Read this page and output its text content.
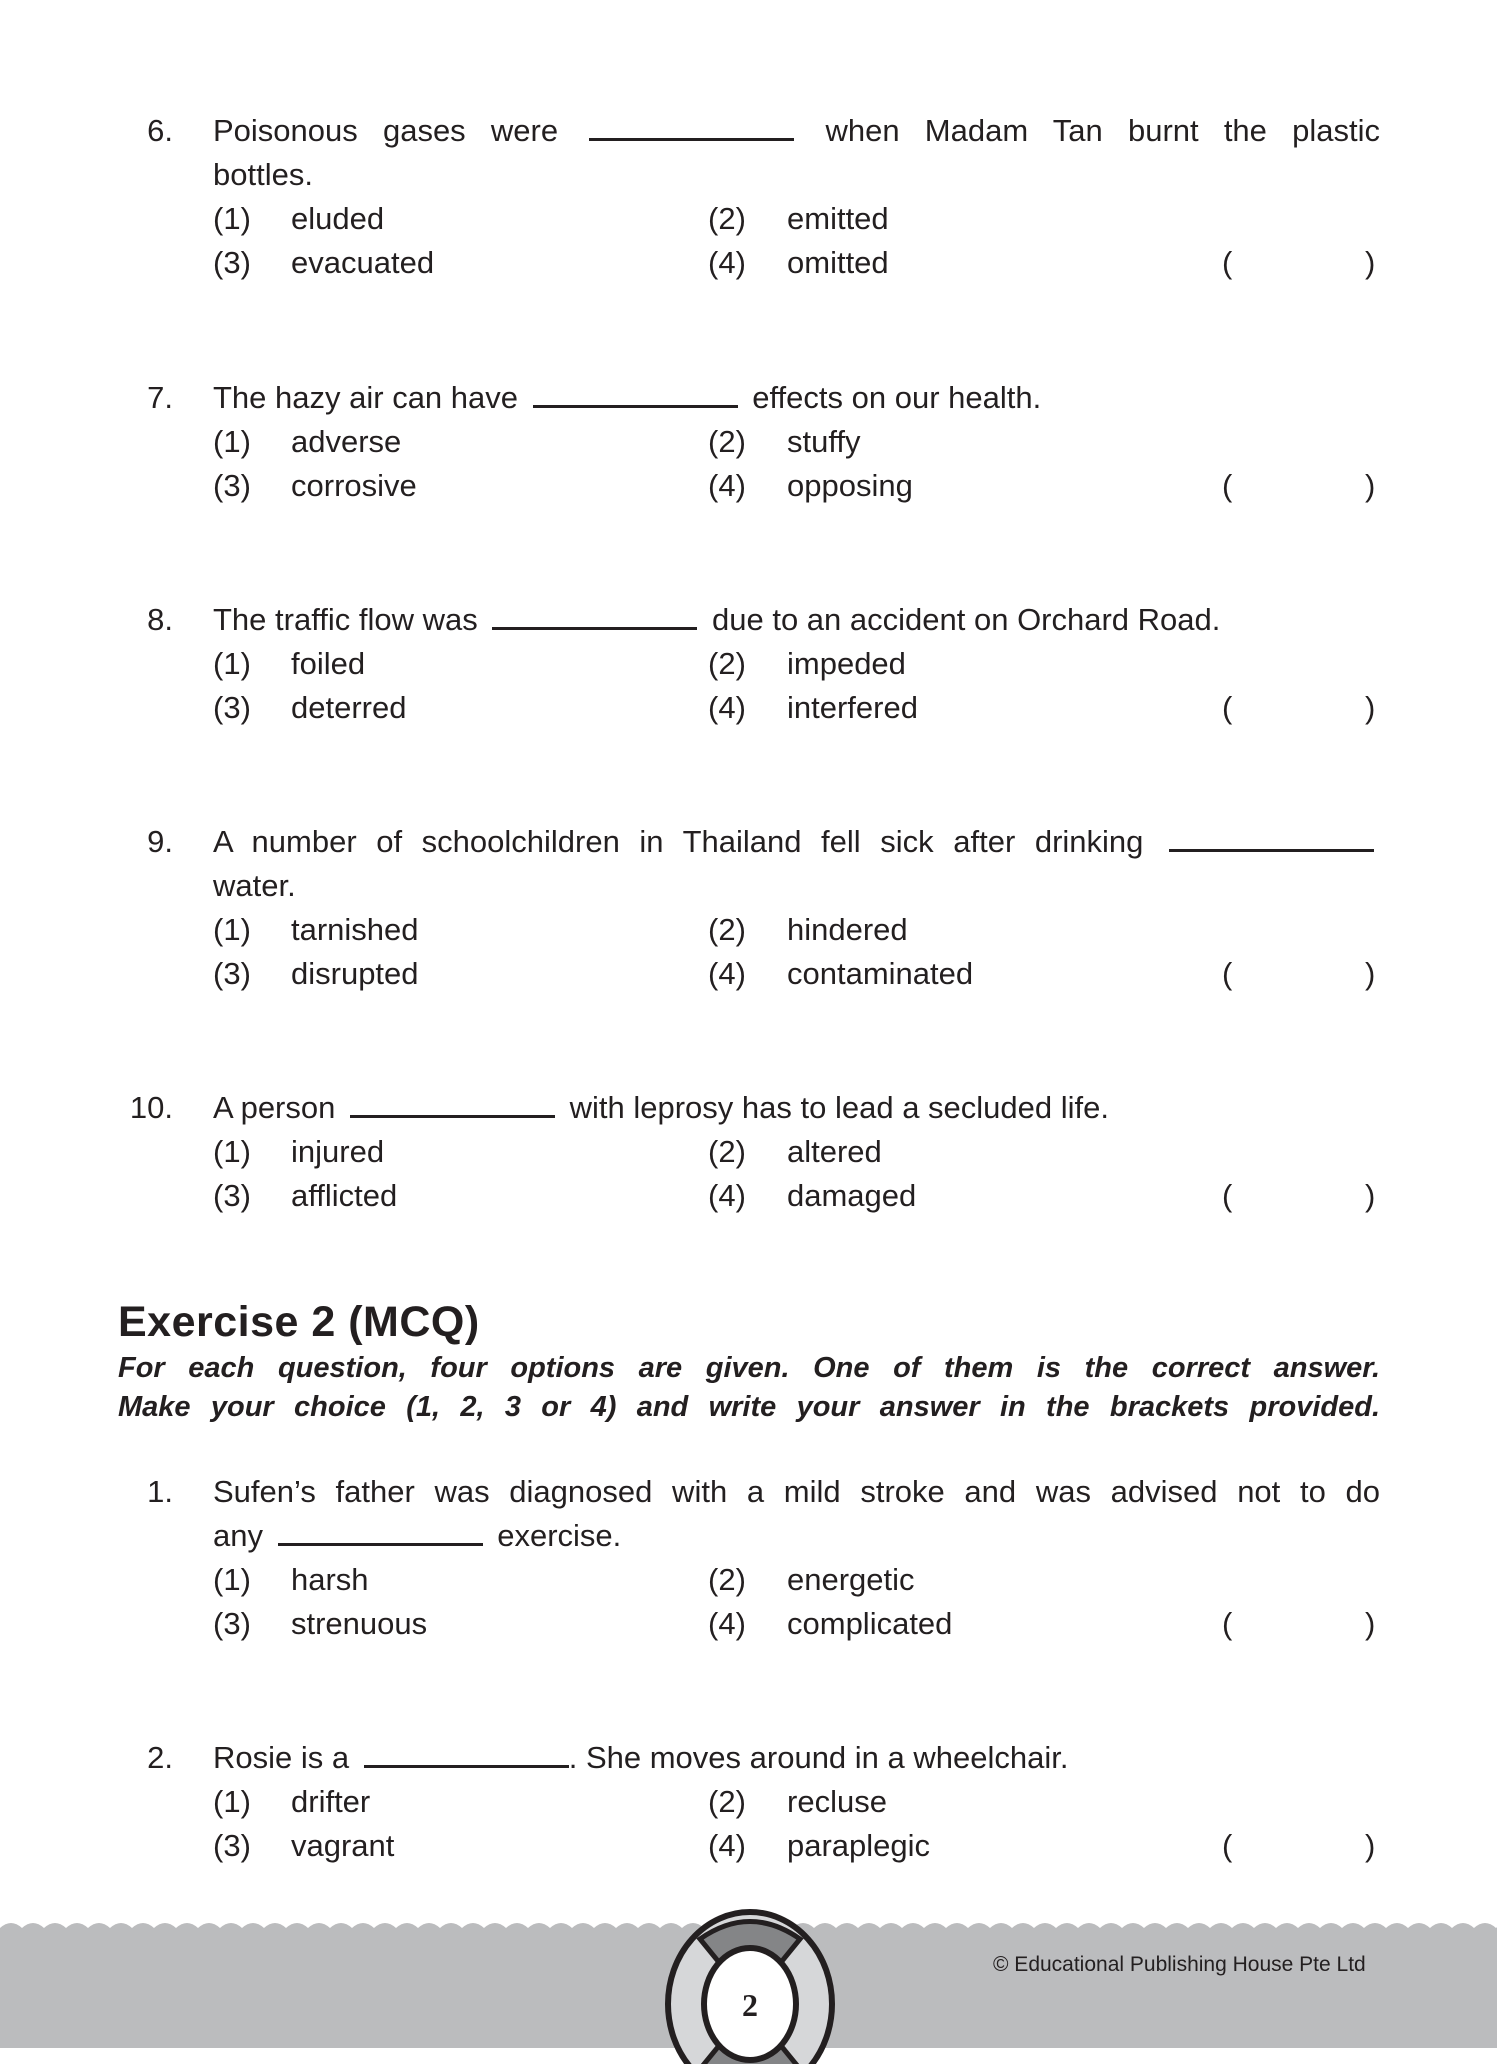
6. Poisonous gases were	when Madam Tan burnt the plastic
bottles.
(1) eluded	(2) emitted
(3) evacuated	(4) omitted	(	)
7. The hazy air can have	effects on our health.
(1) adverse	(2) stuffy
(3) corrosive	(4) opposing	(	)
8. The traffic flow was	due to an accident on Orchard Road.
(1) foiled	(2) impeded
(3) deterred	(4) interfered	(	)
9. A number of schoolchildren in Thailand fell sick after drinking
water.
(1) tarnished	(2) hindered
(3) disrupted	(4) contaminated	(	)
10. A person	with leprosy has to lead a secluded life.
(1) injured	(2) altered
(3) afflicted	(4) damaged	(	)
Exercise 2 (MCQ)
For each question, four options are given. One of them is the correct answer.
Make your choice (1, 2, 3 or 4) and write your answer in the brackets provided.
1. Sufen’s father was diagnosed with a mild stroke and was advised not to do
any	exercise.
(1) harsh	(2) energetic
(3) strenuous	(4) complicated	(	)
2. Rosie is a	. She moves around in a wheelchair.
(1) drifter	(2) recluse
(3) vagrant	(4) paraplegic	(	)
2
© Educational Publishing House Pte Ltd
